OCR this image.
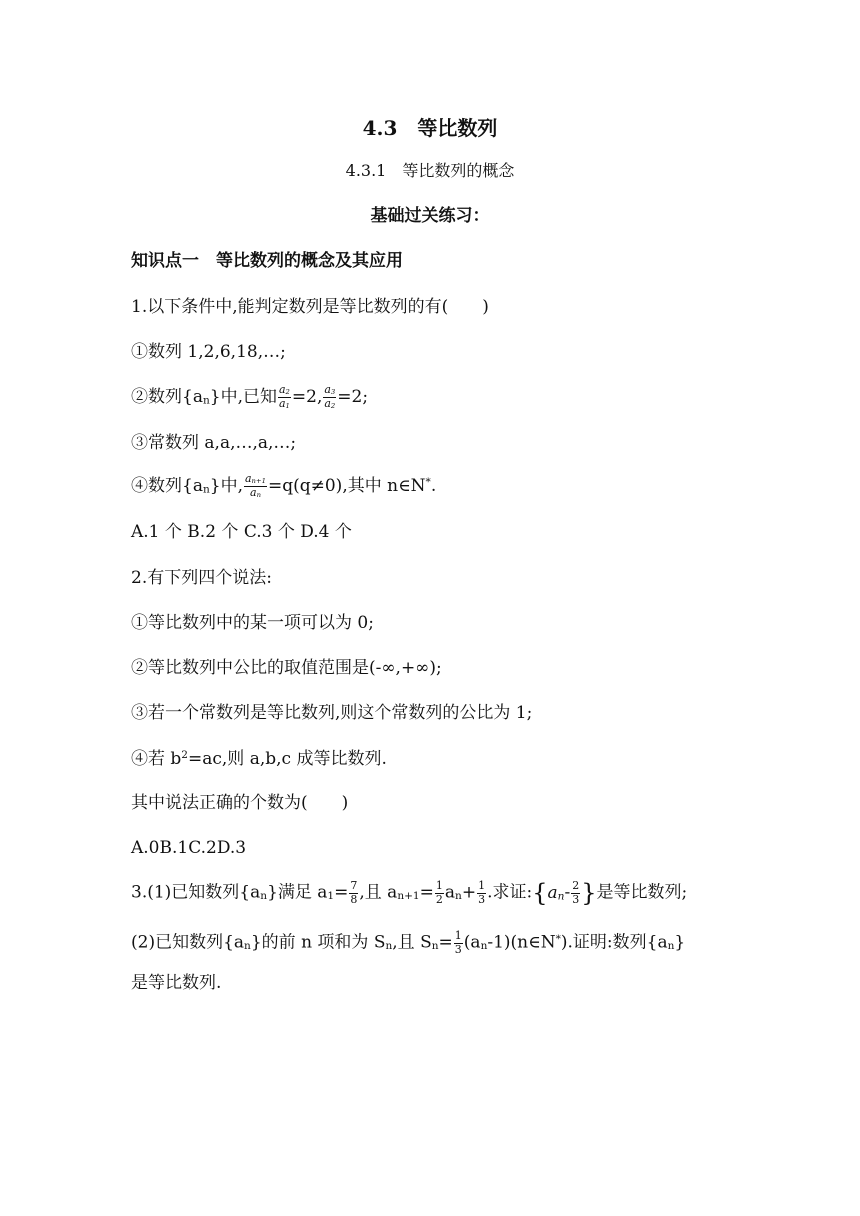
4.3　等比数列
4.3.1　等比数列的概念
基础过关练习：
知识点一　等比数列的概念及其应用
1.以下条件中,能判定数列是等比数列的有(　　)
①数列 1,2,6,18,…;
②数列$\{a_n\}$中,已知 $\frac{a_2}{a_1} =2$, $\frac{a_3}{a_2} =2$;
③常数列 a,a,…,a,…;
④数列$\{a_n\}$中, $\frac{a_{n+1}}{a_n} =q(q\ne 0)$,其中 n∈N*.
A.1 个 B.2 个 C.3 个 D.4 个
2.有下列四个说法:
①等比数列中的某一项可以为 0;
②等比数列中公比的取值范围是(-∞,+∞);
③若一个常数列是等比数列,则这个常数列的公比为 1;
④若 $b^2=ac$,则 a,b,c 成等比数列.
其中说法正确的个数为(　　)
A.0B.1C.2D.3
3.(1)已知数列$\{a_n\}$满足 $a_1= \frac{7}{8}$ ,且 $a_{n+1}= \frac{1}{2} a_n+ \frac{1}{3}$ .求证$:\{a_n- \frac{2}{3}$ }是等比数列;
(2)已知数列$\{a_n\}$的前 n 项和为 $S_n$,且 $S_n= \frac{1}{3}$ $(a_n-1)(n\in N^*)$.证明:数列$\{a_n\}$
是等比数列.
